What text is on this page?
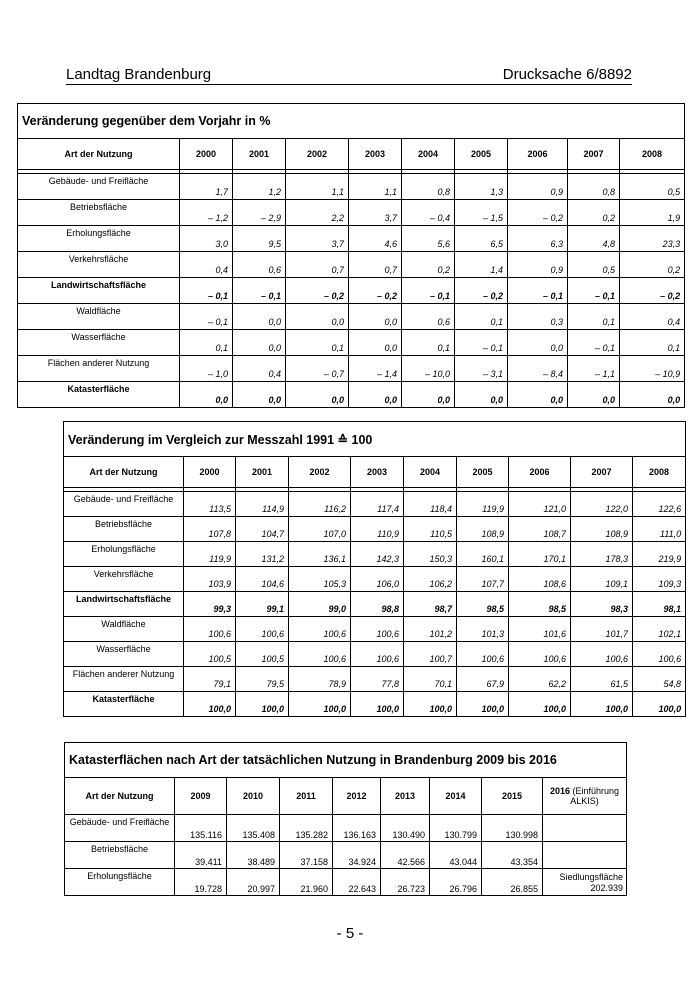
Landtag Brandenburg	Drucksache 6/8892
Veränderung gegenüber dem Vorjahr in %									
Art der Nutzung	2000	2001	2002	2003	2004	2005	2006	2007	2008

Gebäude- und Freifläche	1,7	1,2	1,1	1,1	0,8	1,3	0,9	0,8	0,5
Betriebsfläche	– 1,2	– 2,9	2,2	3,7	– 0,4	– 1,5	– 0,2	0,2	1,9
Erholungsfläche	3,0	9,5	3,7	4,6	5,6	6,5	6,3	4,8	23,3
Verkehrsfläche	0,4	0,6	0,7	0,7	0,2	1,4	0,9	0,5	0,2
Landwirtschaftsfläche	– 0,1	– 0,1	– 0,2	– 0,2	– 0,1	– 0,2	– 0,1	– 0,1	– 0,2
Waldfläche	– 0,1	0,0	0,0	0,0	0,6	0,1	0,3	0,1	0,4
Wasserfläche	0,1	0,0	0,1	0,0	0,1	– 0,1	0,0	– 0,1	0,1
Flächen anderer Nutzung	– 1,0	0,4	– 0,7	– 1,4	– 10,0	– 3,1	– 8,4	– 1,1	– 10,9
Katasterfläche	0,0	0,0	0,0	0,0	0,0	0,0	0,0	0,0	0,0
Veränderung im Vergleich zur Messzahl 1991 ≙ 100									
Art der Nutzung	2000	2001	2002	2003	2004	2005	2006	2007	2008

Gebäude- und Freifläche	113,5	114,9	116,2	117,4	118,4	119,9	121,0	122,0	122,6
Betriebsfläche	107,8	104,7	107,0	110,9	110,5	108,9	108,7	108,9	111,0
Erholungsfläche	119,9	131,2	136,1	142,3	150,3	160,1	170,1	178,3	219,9
Verkehrsfläche	103,9	104,6	105,3	106,0	106,2	107,7	108,6	109,1	109,3
Landwirtschaftsfläche	99,3	99,1	99,0	98,8	98,7	98,5	98,5	98,3	98,1
Waldfläche	100,6	100,6	100,6	100,6	101,2	101,3	101,6	101,7	102,1
Wasserfläche	100,5	100,5	100,6	100,6	100,7	100,6	100,6	100,6	100,6
Flächen anderer Nutzung	79,1	79,5	78,9	77,8	70,1	67,9	62,2	61,5	54,8
Katasterfläche	100,0	100,0	100,0	100,0	100,0	100,0	100,0	100,0	100,0
Katasterflächen nach Art der tatsächlichen Nutzung in Brandenburg 2009 bis 2016								
Art der Nutzung	2009	2010	2011	2012	2013	2014	2015	2016 (Einführung ALKIS)
Gebäude- und Freifläche	135.116	135.408	135.282	136.163	130.490	130.799	130.998	
Betriebsfläche	39.411	38.489	37.158	34.924	42.566	43.044	43.354	
Erholungsfläche	19.728	20.997	21.960	22.643	26.723	26.796	26.855	Siedlungsfläche 202.939
- 5 -
